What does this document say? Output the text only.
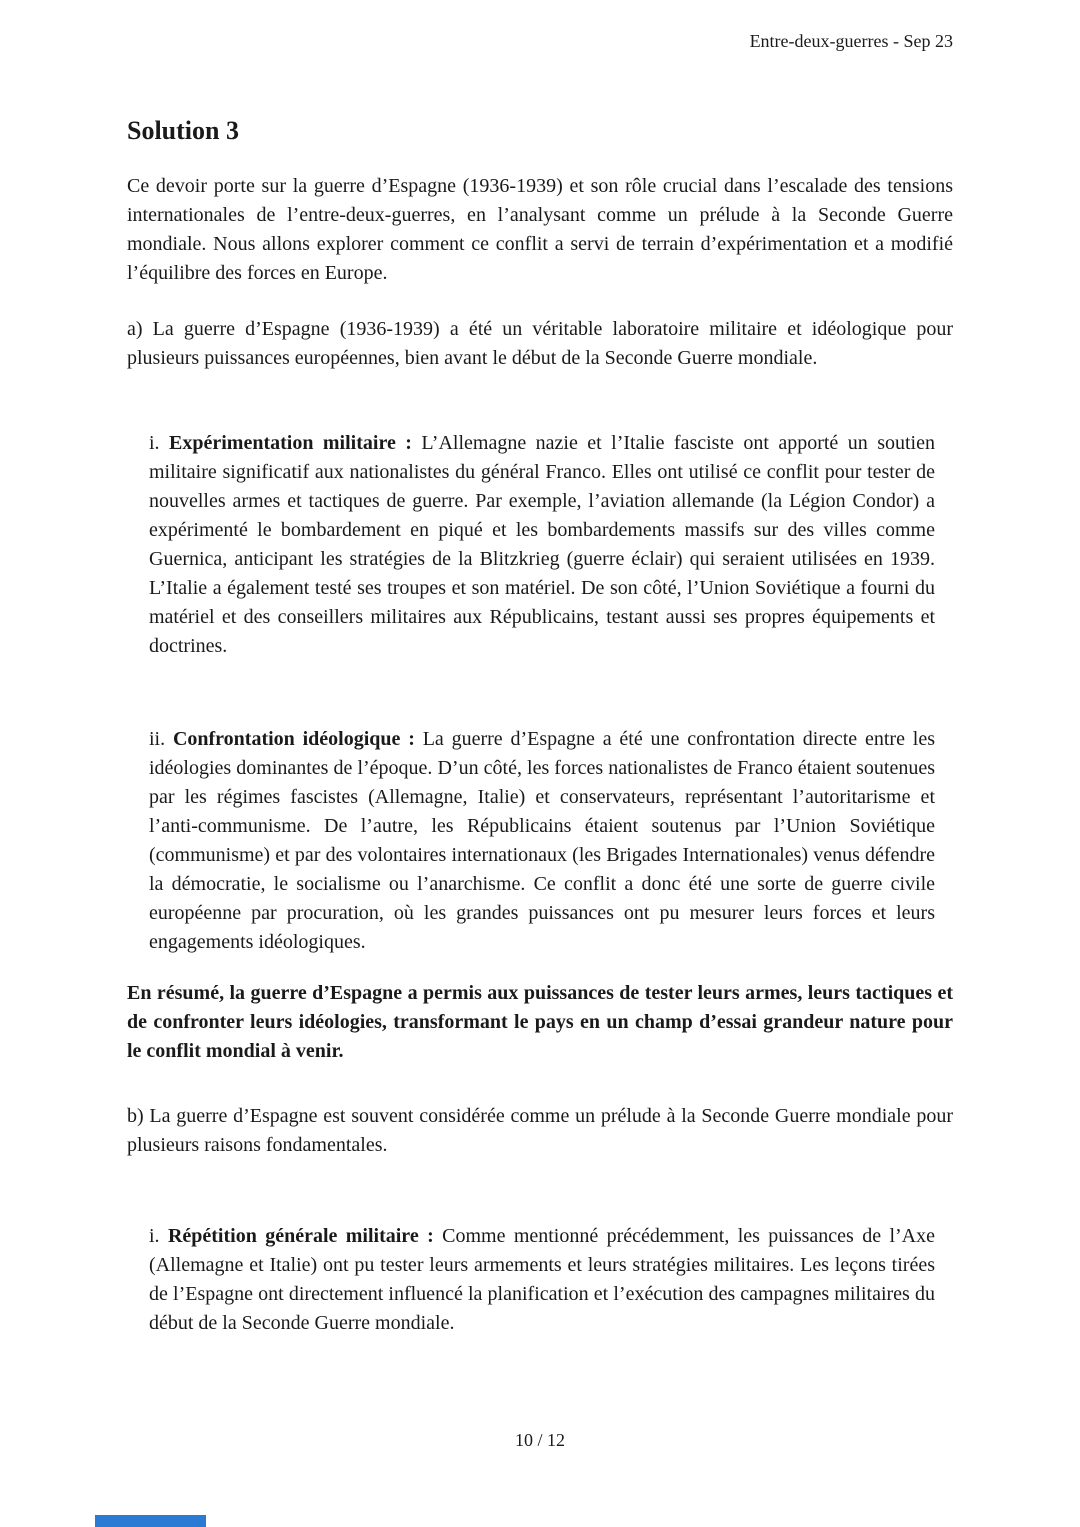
Entre-deux-guerres - Sep 23
Solution 3

Ce devoir porte sur la guerre d’Espagne (1936-1939) et son rôle crucial dans l’escalade des tensions internationales de l’entre-deux-guerres, en l’analysant comme un prélude à la Seconde Guerre mondiale. Nous allons explorer comment ce conflit a servi de terrain d’expérimentation et a modifié l’équilibre des forces en Europe.

a) La guerre d’Espagne (1936-1939) a été un véritable laboratoire militaire et idéologique pour plusieurs puissances européennes, bien avant le début de la Seconde Guerre mondiale.

i. Expérimentation militaire : L’Allemagne nazie et l’Italie fasciste ont apporté un soutien militaire significatif aux nationalistes du général Franco. Elles ont utilisé ce conflit pour tester de nouvelles armes et tactiques de guerre. Par exemple, l’aviation allemande (la Légion Condor) a expérimenté le bombardement en piqué et les bombardements massifs sur des villes comme Guernica, anticipant les stratégies de la Blitzkrieg (guerre éclair) qui seraient utilisées en 1939. L’Italie a également testé ses troupes et son matériel. De son côté, l’Union Soviétique a fourni du matériel et des conseillers militaires aux Républicains, testant aussi ses propres équipements et doctrines.

ii. Confrontation idéologique : La guerre d’Espagne a été une confrontation directe entre les idéologies dominantes de l’époque. D’un côté, les forces nationalistes de Franco étaient soutenues par les régimes fascistes (Allemagne, Italie) et conservateurs, représentant l’autoritarisme et l’anti-communisme. De l’autre, les Républicains étaient soutenus par l’Union Soviétique (communisme) et par des volontaires internationaux (les Brigades Internationales) venus défendre la démocratie, le socialisme ou l’anarchisme. Ce conflit a donc été une sorte de guerre civile européenne par procuration, où les grandes puissances ont pu mesurer leurs forces et leurs engagements idéologiques.

En résumé, la guerre d’Espagne a permis aux puissances de tester leurs armes, leurs tactiques et de confronter leurs idéologies, transformant le pays en un champ d’essai grandeur nature pour le conflit mondial à venir.

b) La guerre d’Espagne est souvent considérée comme un prélude à la Seconde Guerre mondiale pour plusieurs raisons fondamentales.

i. Répétition générale militaire : Comme mentionné précédemment, les puissances de l’Axe (Allemagne et Italie) ont pu tester leurs armements et leurs stratégies militaires. Les leçons tirées de l’Espagne ont directement influencé la planification et l’exécution des campagnes militaires du début de la Seconde Guerre mondiale.

10 / 12
